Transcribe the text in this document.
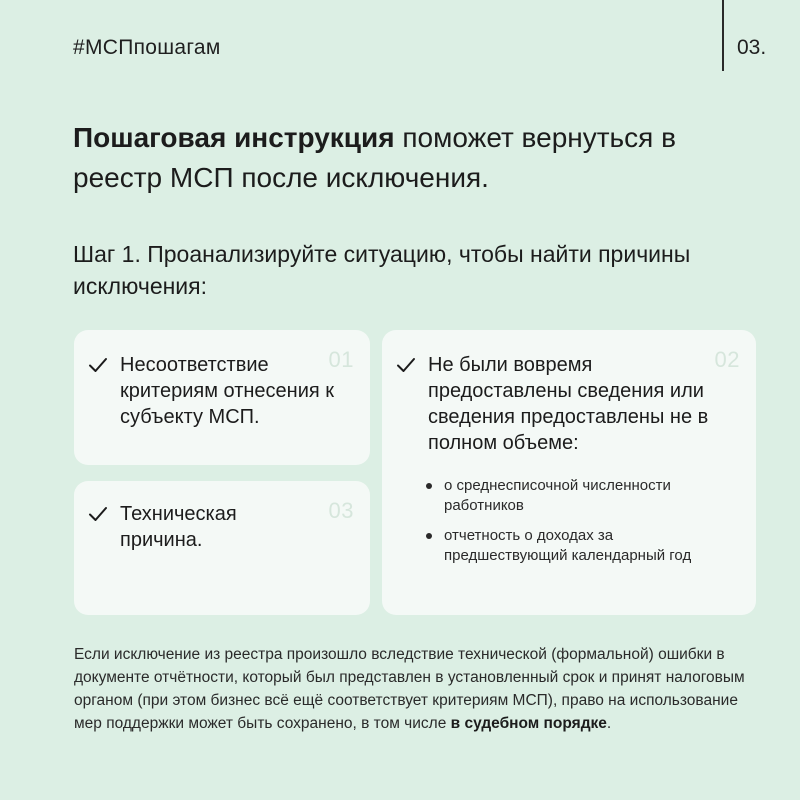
#МСПпошагам	03.
Пошаговая инструкция поможет вернуться в реестр МСП после исключения.
Шаг 1. Проанализируйте ситуацию, чтобы найти причины исключения:
01
Несоответствие критериям отнесения к субъекту МСП.
03
Техническая причина.
02
Не были вовремя предоставлены сведения или сведения предоставлены не в полном объеме:
о среднесписочной численности работников
отчетность о доходах за предшествующий календарный год

Если исключение из реестра произошло вследствие технической (формальной) ошибки в документе отчётности, который был представлен в установленный срок и принят налоговым органом (при этом бизнес всё ещё соответствует критериям МСП), право на использование мер поддержки может быть сохранено, в том числе в судебном порядке.
